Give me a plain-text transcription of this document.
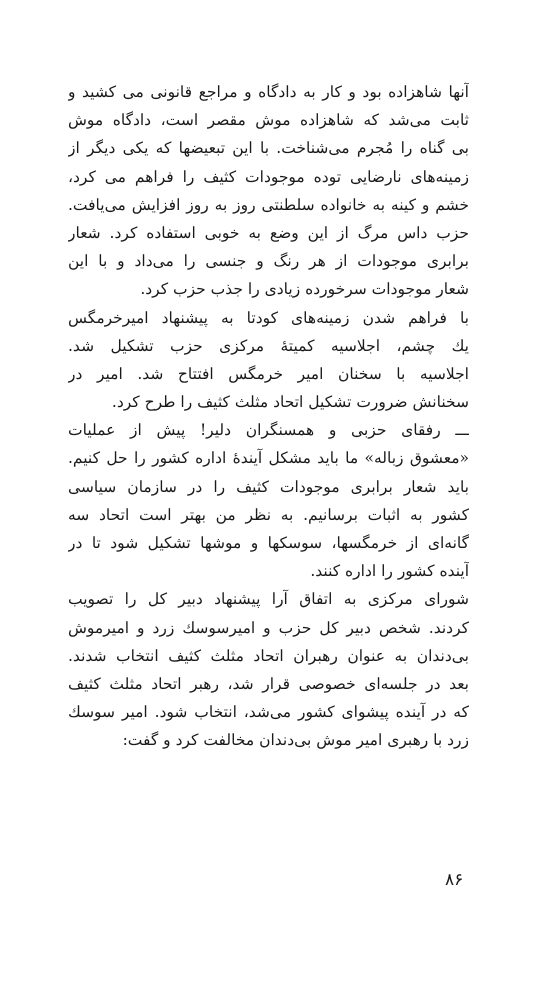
آنها شاهزاده بود و کار به دادگاه و مراجع قانونی می کشید و
ثابت می‌شد که شاهزاده موش مقصر است، دادگاه موش
بی گناه را مُجرم می‌شناخت. با این تبعیضها که یکی دیگر از
زمینه‌های نارضایی توده موجودات کثیف را فراهم می کرد،
خشم و کینه به خانواده سلطنتی روز به روز افزایش می‌یافت.
حزب داس مرگ از این وضع به خوبی استفاده کرد. شعار
برابری موجودات از هر رنگ و جنسی را می‌داد و با این
شعار موجودات سرخورده زیادی را جذب حزب کرد.
با فراهم شدن زمینه‌های کودتا به پیشنهاد امیرخرمگس
یك چشم، اجلاسیه کمیتهٔ مرکزی حزب تشکیل شد.
اجلاسیه با سخنان امیر خرمگس افتتاح شد. امیر در
سخنانش ضرورت تشکیل اتحاد مثلث کثیف را طرح کرد.
ـــ رفقای حزبی و همسنگران دلیر! پیش از عملیات
«معشوق زباله» ما باید مشکل آیندهٔ اداره کشور را حل کنیم.
باید شعار برابری موجودات کثیف را در سازمان سیاسی
کشور به اثبات برسانیم. به نظر من بهتر است اتحاد سه
گانه‌ای از خرمگسها، سوسکها و موشها تشکیل شود تا در
آینده کشور را اداره کنند.
شورای مرکزی به اتفاق آرا پیشنهاد دبیر کل را تصویب
کردند. شخص دبیر کل حزب و امیرسوسك زرد و امیرموش
بی‌دندان به عنوان رهبران اتحاد مثلث کثیف انتخاب شدند.
بعد در جلسه‌ای خصوصی قرار شد، رهبر اتحاد مثلث کثیف
که در آینده پیشوای کشور می‌شد، انتخاب شود. امیر سوسك
زرد با رهبری امیر موش بی‌دندان مخالفت کرد و گفت:
۸۶
